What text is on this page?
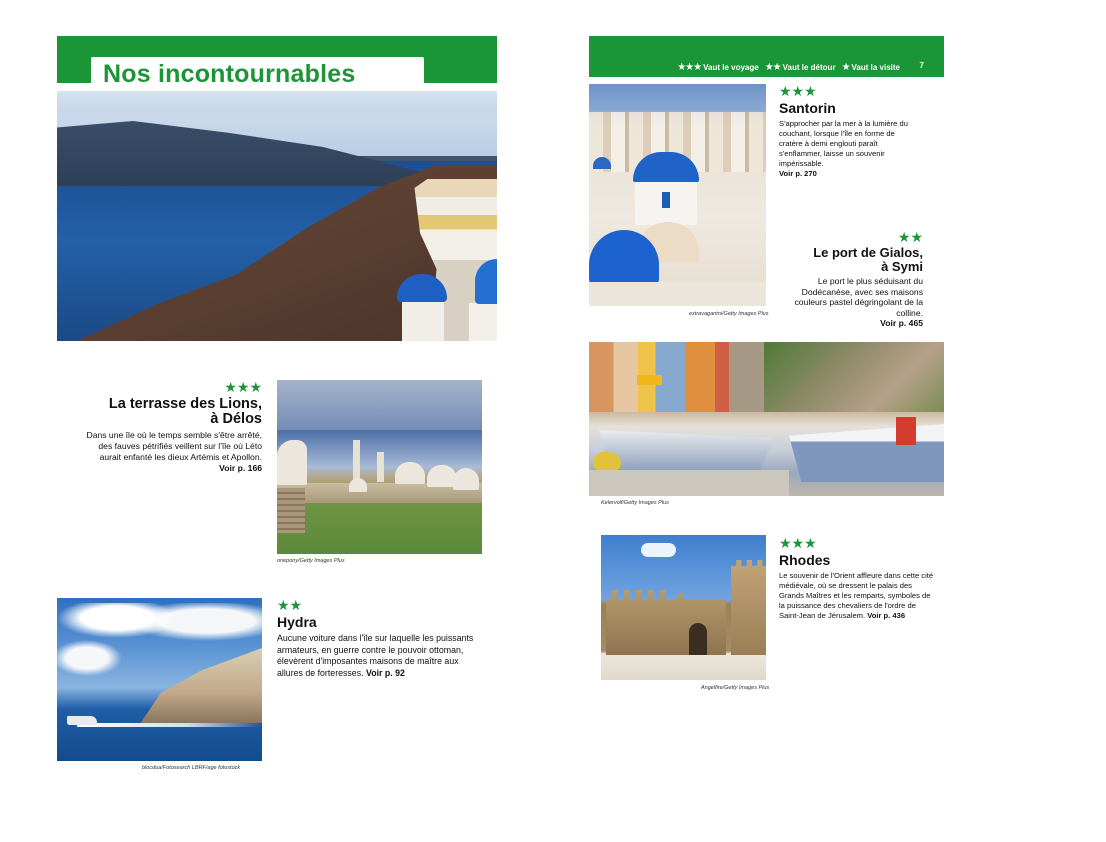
Nos incontournables	★★★ Vaut le voyage ★★ Vaut le détour ★ Vaut la visite 7
extravagantni/Getty Images Plus
★★★
Santorin
S'approcher par la mer à la lumière du couchant, lorsque l'île en forme de cratère à demi englouti paraît s'enflammer, laisse un souvenir impérissable.
Voir p. 270
★★
Le port de Gialos,
à Symi
Le port le plus séduisant du Dodécanèse, avec ses maisons couleurs pastel dégringolant de la colline.
Voir p. 465
Kelervolf/Getty Images Plus
★★★
La terrasse des Lions,
à Délos
Dans une île où le temps semble s'être arrêté, des fauves pétrifiés veillent sur l'île où Léto aurait enfanté les dieux Artémis et Apollon.
Voir p. 166
onepony/Getty Images Plus
blocdua/Fotosearch LBRF/age fotostock
★★
Hydra
Aucune voiture dans l'île sur laquelle les puissants armateurs, en guerre contre le pouvoir ottoman, élevèrent d'imposantes maisons de maître aux allures de forteresses. Voir p. 92
Angelfire/Getty Images Plus
★★★
Rhodes
Le souvenir de l'Orient affleure dans cette cité médiévale, où se dressent le palais des Grands Maîtres et les remparts, symboles de la puissance des chevaliers de l'ordre de Saint-Jean de Jérusalem. Voir p. 436
